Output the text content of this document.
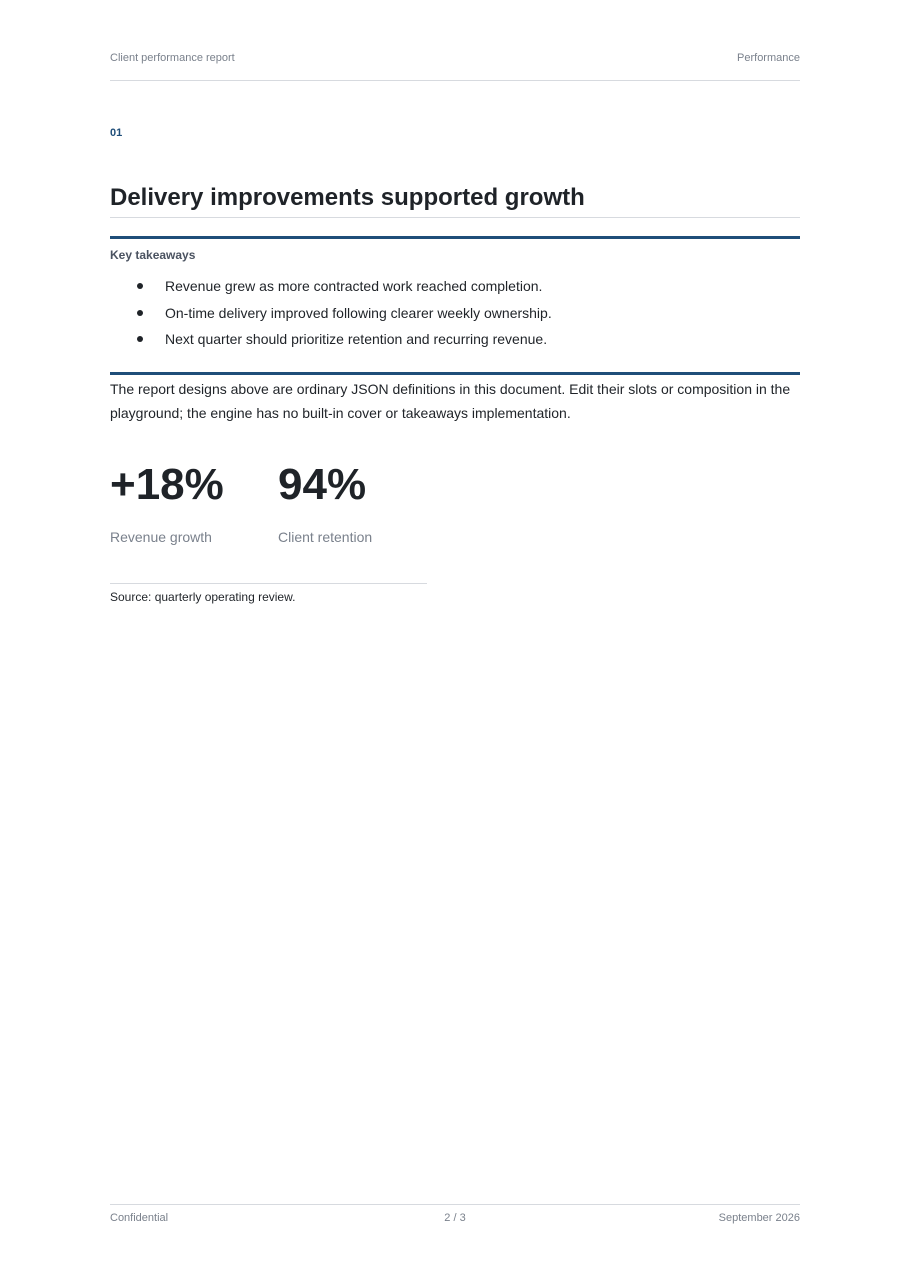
Client performance report	Performance
01
Delivery improvements supported growth
Key takeaways
Revenue grew as more contracted work reached completion.
On-time delivery improved following clearer weekly ownership.
Next quarter should prioritize retention and recurring revenue.

The report designs above are ordinary JSON definitions in this document. Edit their slots or composition in the playground; the engine has no built-in cover or takeaways implementation.

+18%
Revenue growth
94%
Client retention
Source: quarterly operating review.
Confidential	2 / 3	September 2026
